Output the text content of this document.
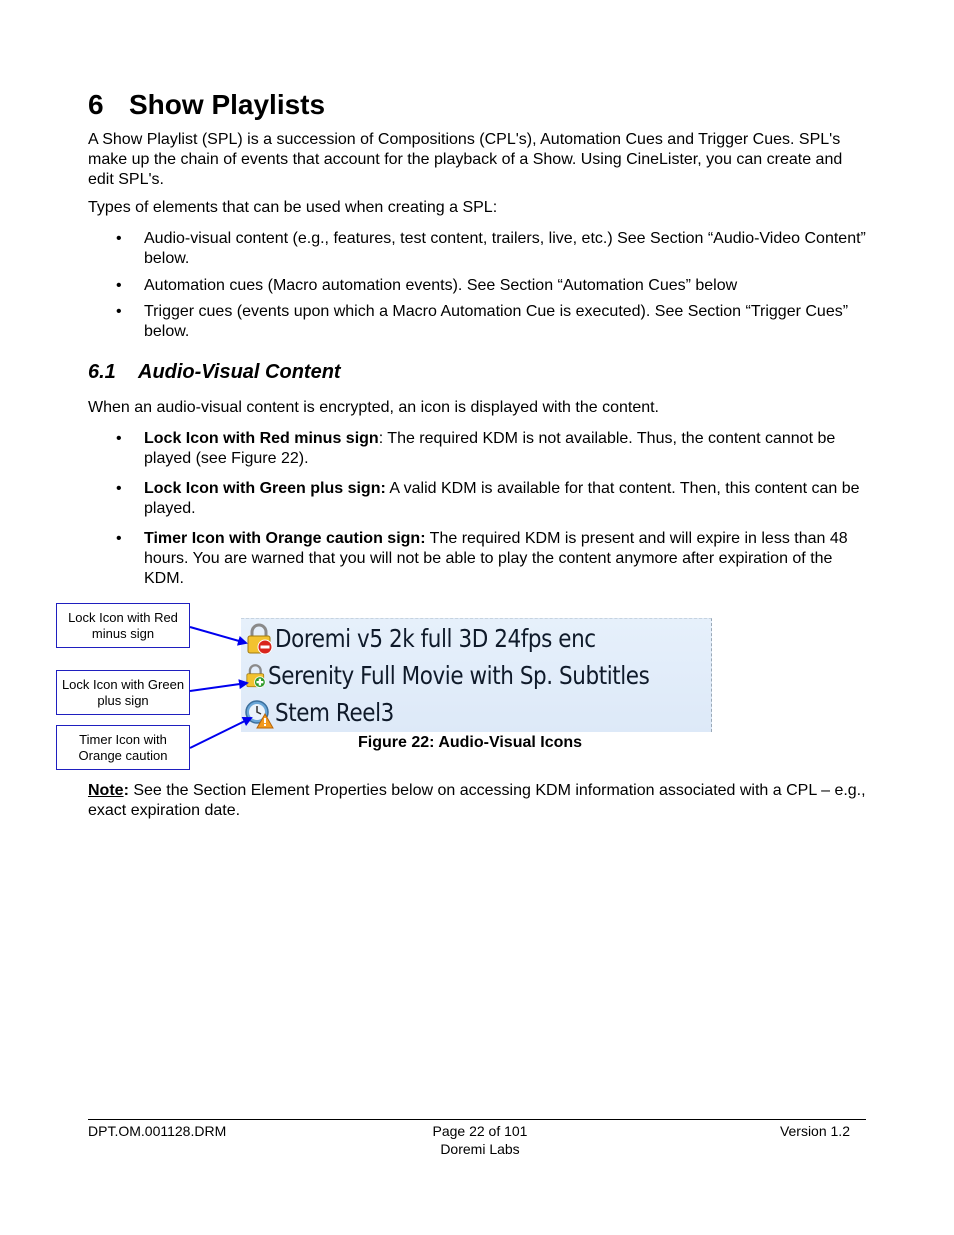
6 Show Playlists

A Show Playlist (SPL) is a succession of Compositions (CPL's), Automation Cues and Trigger Cues. SPL's make up the chain of events that account for the playback of a Show. Using CineLister, you can create and edit SPL's.

Types of elements that can be used when creating a SPL:

• Audio-visual content (e.g., features, test content, trailers, live, etc.) See Section “Audio-Video Content” below.
• Automation cues (Macro automation events). See Section “Automation Cues” below
• Trigger cues (events upon which a Macro Automation Cue is executed). See Section “Trigger Cues” below.
6.1 Audio-Visual Content

When an audio-visual content is encrypted, an icon is displayed with the content.

• Lock Icon with Red minus sign: The required KDM is not available. Thus, the content cannot be played (see Figure 22).
• Lock Icon with Green plus sign: A valid KDM is available for that content. Then, this content can be played.
• Timer Icon with Orange caution sign: The required KDM is present and will expire in less than 48 hours. You are warned that you will not be able to play the content anymore after expiration of the KDM.
Lock Icon with Red minus sign
Lock Icon with Green plus sign
Timer Icon with Orange caution
Doremi v5 2k full 3D 24fps enc
Serenity Full Movie with Sp. Subtitles
Stem Reel3
Figure 22: Audio-Visual Icons

Note: See the Section Element Properties below on accessing KDM information associated with a CPL – e.g., exact expiration date.

DPT.OM.001128.DRM	Page 22 of 101
Doremi Labs
Version 1.2
